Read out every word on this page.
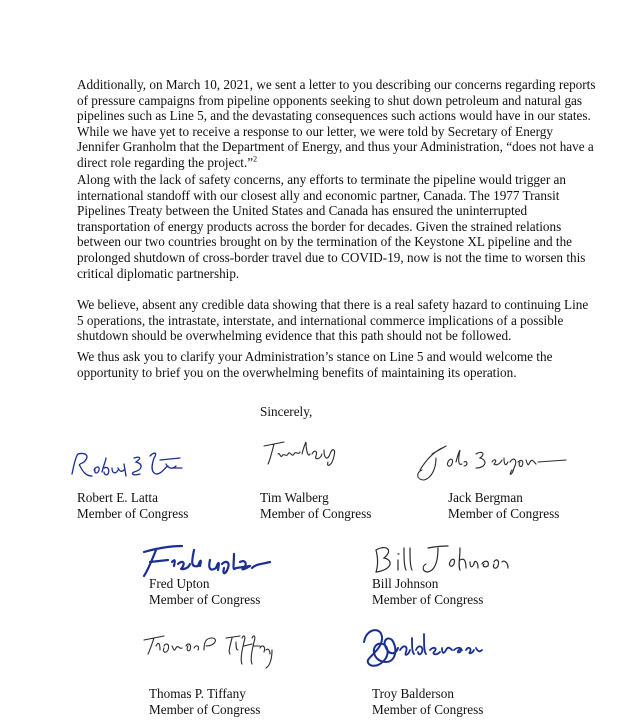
Additionally, on March 10, 2021, we sent a letter to you describing our concerns regarding reports of pressure campaigns from pipeline opponents seeking to shut down petroleum and natural gas pipelines such as Line 5, and the devastating consequences such actions would have in our states. While we have yet to receive a response to our letter, we were told by Secretary of Energy Jennifer Granholm that the Department of Energy, and thus your Administration, “does not have a direct role regarding the project.”$^2$

Along with the lack of safety concerns, any efforts to terminate the pipeline would trigger an international standoff with our closest ally and economic partner, Canada. The 1977 Transit Pipelines Treaty between the United States and Canada has ensured the uninterrupted transportation of energy products across the border for decades. Given the strained relations between our two countries brought on by the termination of the Keystone XL pipeline and the prolonged shutdown of cross-border travel due to COVID-19, now is not the time to worsen this critical diplomatic partnership.

We believe, absent any credible data showing that there is a real safety hazard to continuing Line 5 operations, the intrastate, interstate, and international commerce implications of a possible shutdown should be overwhelming evidence that this path should not be followed.

We thus ask you to clarify your Administration’s stance on Line 5 and would welcome the opportunity to brief you on the overwhelming benefits of maintaining its operation.

Sincerely,

Robert E. Latta
Member of Congress
Tim Walberg
Member of Congress
Jack Bergman
Member of Congress
Fred Upton
Member of Congress
Bill Johnson
Member of Congress
Thomas P. Tiffany
Member of Congress
Troy Balderson
Member of Congress
